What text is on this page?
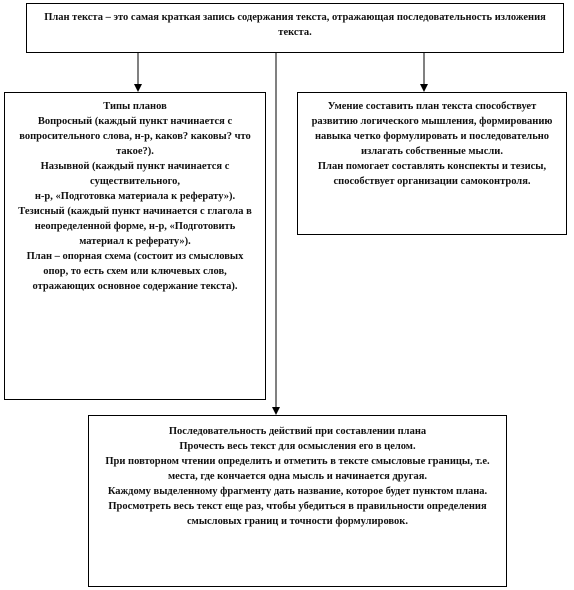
План текста – это самая краткая запись содержания текста, отражающая последовательность изложения текста.

Типы планов

Вопросный (каждый пункт начинается с вопросительного слова, н-р, каков? каковы? что такое?).

Назывной (каждый пункт начинается с существительного,

н-р, «Подготовка материала к реферату»).

Тезисный (каждый пункт начинается с глагола в неопределенной форме, н-р, «Подготовить материал к реферату»).

План – опорная схема (состоит из смысловых опор, то есть схем или ключевых слов, отражающих основное содержание текста).

Умение составить план текста способствует развитию логического мышления, формированию навыка четко формулировать и последовательно излагать собственные мысли.

План помогает составлять конспекты и тезисы, способствует организации самоконтроля.

Последовательность действий при составлении плана

Прочесть весь текст для осмысления его в целом.

При повторном чтении определить и отметить в тексте смысловые границы, т.е. места, где кончается одна мысль и начинается другая.

Каждому выделенному фрагменту дать название, которое будет пунктом плана.

Просмотреть весь текст еще раз, чтобы убедиться в правильности определения смысловых границ и точности формулировок.
